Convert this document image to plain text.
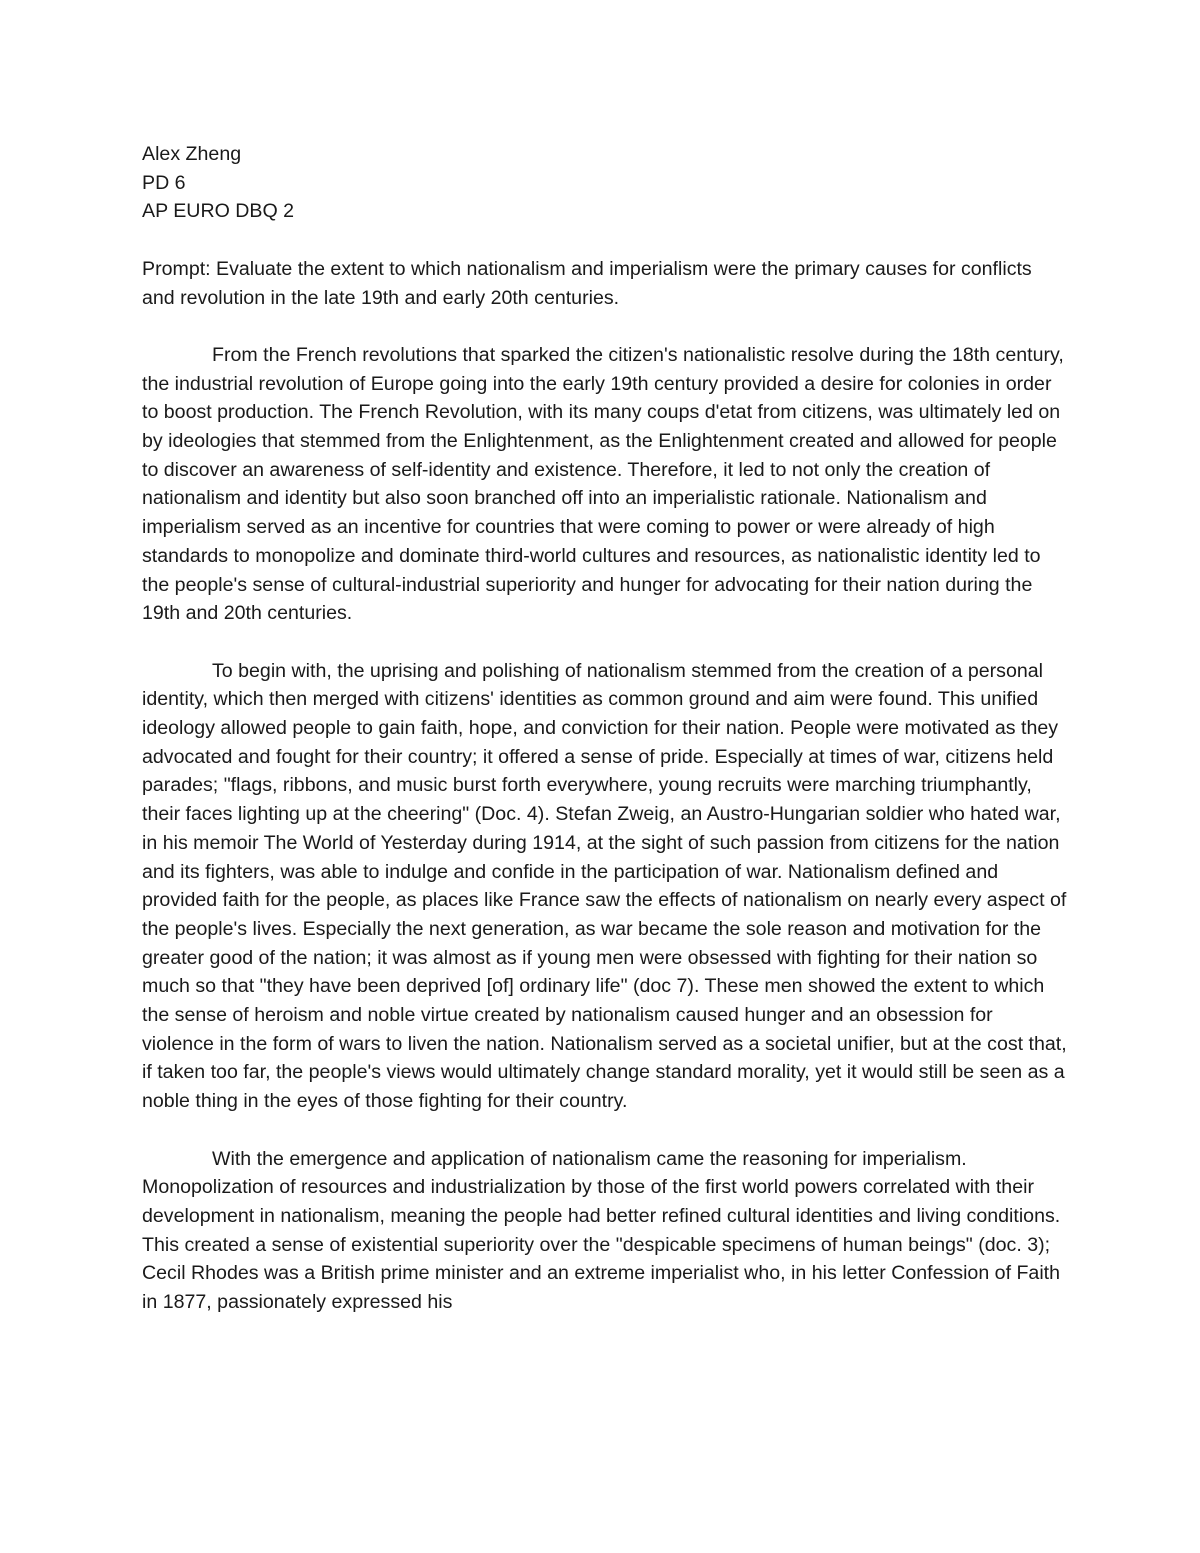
Alex Zheng

PD 6

AP EURO DBQ 2

Prompt: Evaluate the extent to which nationalism and imperialism were the primary causes for conflicts and revolution in the late 19th and early 20th centuries.

From the French revolutions that sparked the citizen's nationalistic resolve during the 18th century, the industrial revolution of Europe going into the early 19th century provided a desire for colonies in order to boost production. The French Revolution, with its many coups d'etat from citizens, was ultimately led on by ideologies that stemmed from the Enlightenment, as the Enlightenment created and allowed for people to discover an awareness of self-identity and existence. Therefore, it led to not only the creation of nationalism and identity but also soon branched off into an imperialistic rationale. Nationalism and imperialism served as an incentive for countries that were coming to power or were already of high standards to monopolize and dominate third-world cultures and resources, as nationalistic identity led to the people's sense of cultural-industrial superiority and hunger for advocating for their nation during the 19th and 20th centuries.

To begin with, the uprising and polishing of nationalism stemmed from the creation of a personal identity, which then merged with citizens' identities as common ground and aim were found. This unified ideology allowed people to gain faith, hope, and conviction for their nation. People were motivated as they advocated and fought for their country; it offered a sense of pride. Especially at times of war, citizens held parades; "flags, ribbons, and music burst forth everywhere, young recruits were marching triumphantly, their faces lighting up at the cheering" (Doc. 4). Stefan Zweig, an Austro-Hungarian soldier who hated war, in his memoir The World of Yesterday during 1914, at the sight of such passion from citizens for the nation and its fighters, was able to indulge and confide in the participation of war. Nationalism defined and provided faith for the people, as places like France saw the effects of nationalism on nearly every aspect of the people's lives. Especially the next generation, as war became the sole reason and motivation for the greater good of the nation; it was almost as if young men were obsessed with fighting for their nation so much so that "they have been deprived [of] ordinary life" (doc 7). These men showed the extent to which the sense of heroism and noble virtue created by nationalism caused hunger and an obsession for violence in the form of wars to liven the nation. Nationalism served as a societal unifier, but at the cost that, if taken too far, the people's views would ultimately change standard morality, yet it would still be seen as a noble thing in the eyes of those fighting for their country.

With the emergence and application of nationalism came the reasoning for imperialism. Monopolization of resources and industrialization by those of the first world powers correlated with their development in nationalism, meaning the people had better refined cultural identities and living conditions. This created a sense of existential superiority over the "despicable specimens of human beings" (doc. 3); Cecil Rhodes was a British prime minister and an extreme imperialist who, in his letter Confession of Faith in 1877, passionately expressed his
